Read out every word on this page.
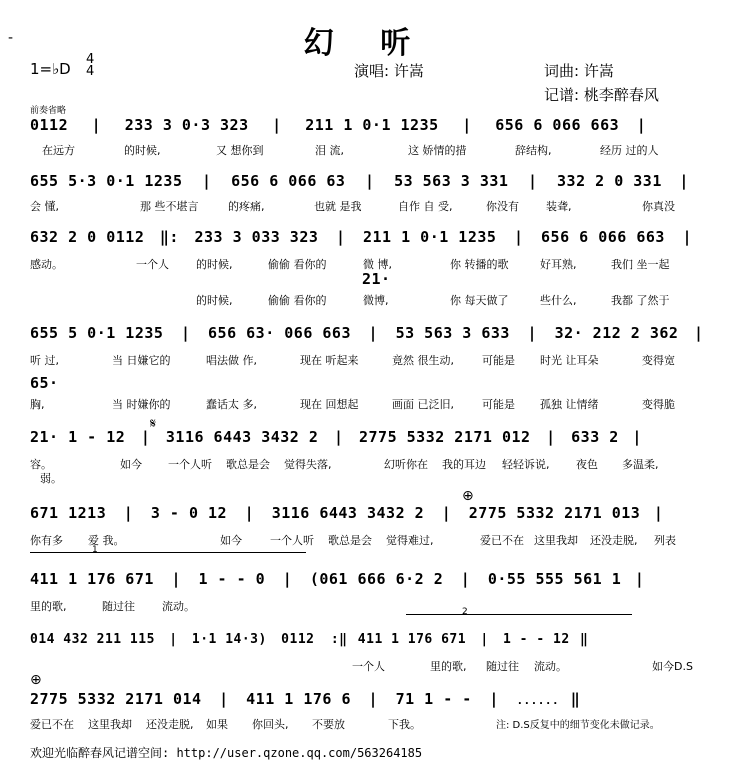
-	幻 听
1=♭D
4
4	演唱: 许嵩	词曲: 许嵩
记谱: 桃李醉春风
前奏省略
0112 | 233 3 0·3 323 | 211 1 0·1 1235 | 656 6 066 663 |
在远方	的时候,	又 想你到	泪 流,	这 娇情的措	辞结构,	经历 过的人
655 5·3 0·1 1235 | 656 6 066 63 | 53 563 3 331 | 332 2 0 331 |
会 懂,	那 些不堪言	的疼痛,	也就 是我	自作 自 受,	你没有 装聋,	你真没
632 2 0 0112 ‖: 233 3 033 323 | 211 1 0·1 1235 | 656 6 066 663 |
感动。	一个人 的时候,	偷偷 看你的	微 博,	你 转播的歌	好耳熟,	我们 坐一起
21·
的时候,	偷偷 看你的	微博,	你 每天做了	些什么,	我都 了然于
655 5 0·1 1235 | 656 63· 066 663 | 53 563 3 633 | 32· 212 2 362 |
听 过,	当 日嫌它的	唱法做 作,	现在 听起来	竟然 很生动,	可能是 时光 让耳朵	变得宽
65·
胸,	当 时嫌你的	蠢话太 多,	现在 回想起	画面 已泛旧,	可能是 孤独 让情绪	变得脆
𝄋
21· 1 - 12 | 3116 6443 3432 2 | 2775 5332 2171 012 | 633 2 |
容。	如今 一个人听 歌总是会 觉得失落,	幻听你在 我的耳边 轻轻诉说, 夜色 多温柔,
弱。
⊕
671 1213 | 3 - 0 12 | 3116 6443 3432 2 | 2775 5332 2171 013 |
你有多 爱 我。	如今	一个人听 歌总是会 觉得难过,	爱已不在 这里我却 还没走脱, 列表
1
411 1 176 671 | 1 - - 0 | (061 666 6·2 2 | 0·55 555 561 1 |
里的歌,	随过往 流动。	2
014 432 211 115 | 1·1 14·3) 0112 :‖ 411 1 176 671 | 1 - - 12 ‖
一个人	里的歌, 随过往 流动。	如今D.S
⊕
2775 5332 2171 014 | 411 1 176 6 | 71 1 - - | ...... ‖
爱已不在 这里我却 还没走脱, 如果 你回头, 不要放	下我。	注: D.S反复中的细节变化未做记录。
欢迎光临醉春风记谱空间: http://user.qzone.qq.com/563264185
